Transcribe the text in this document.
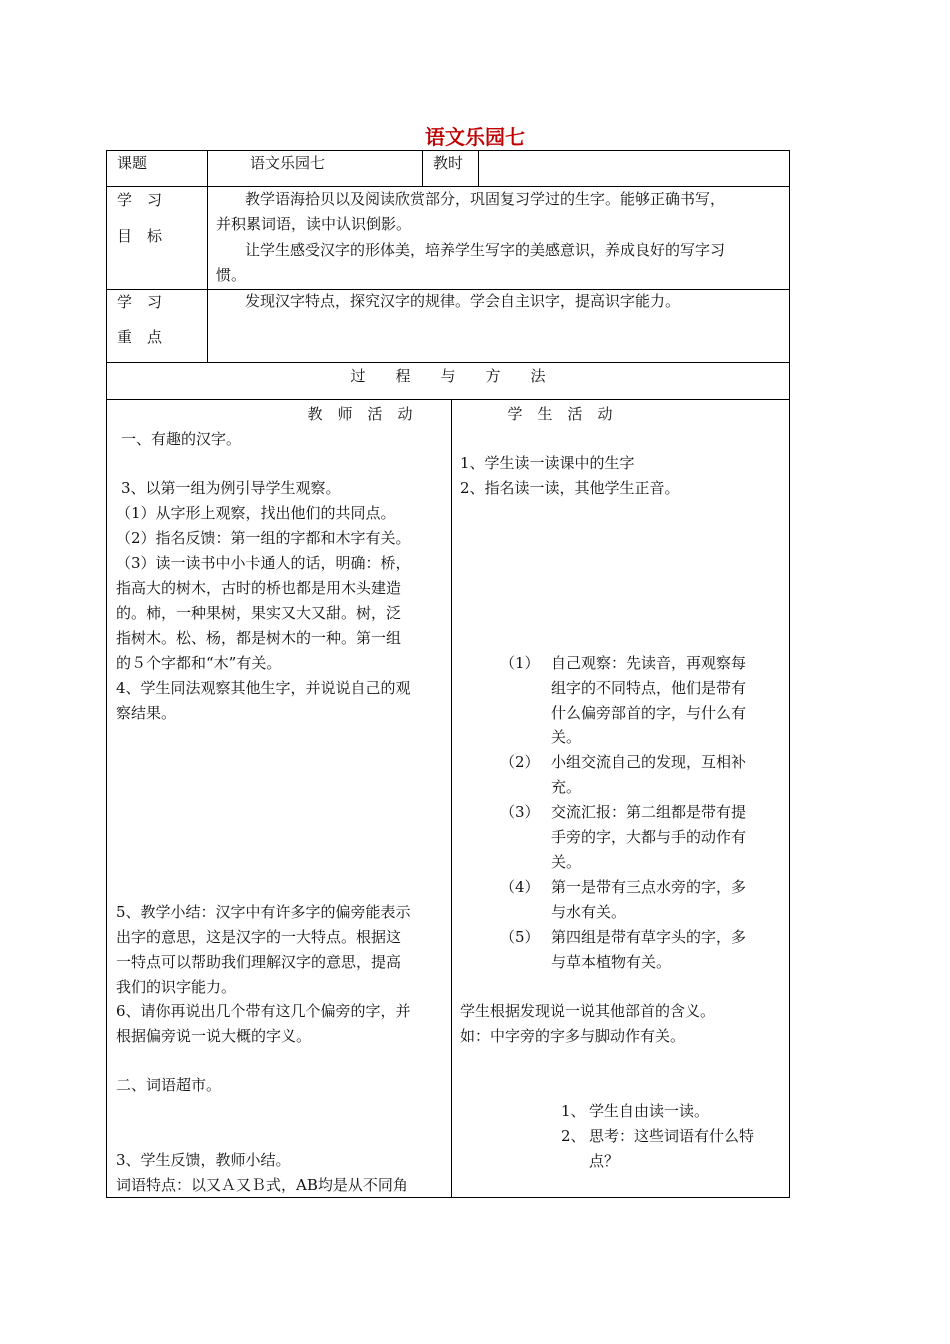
语文乐园七
课题	语文乐园七	教时
学　习
目　标
教学语海拾贝以及阅读欣赏部分，巩固复习学过的生字。能够正确书写，
并积累词语，读中认识倒影。
让学生感受汉字的形体美，培养学生写字的美感意识，养成良好的写字习
惯。
学　习
重　点
发现汉字特点，探究汉字的规律。学会自主识字，提高识字能力。
过　　程　　与　　方　　法
教　师　活　动
一、有趣的汉字。
3、以第一组为例引导学生观察。
（1）从字形上观察，找出他们的共同点。
（2）指名反馈：第一组的字都和木字有关。
（3）读一读书中小卡通人的话，明确：桥，
指高大的树木，古时的桥也都是用木头建造
的。柿，一种果树，果实又大又甜。树，泛
指树木。松、杨，都是树木的一种。第一组
的５个字都和“木”有关。
4、学生同法观察其他生字，并说说自己的观
察结果。
5、教学小结：汉字中有许多字的偏旁能表示
出字的意思，这是汉字的一大特点。根据这
一特点可以帮助我们理解汉字的意思，提高
我们的识字能力。
6、请你再说出几个带有这几个偏旁的字，并
根据偏旁说一说大概的字义。
二、词语超市。
3、学生反馈，教师小结。
词语特点：以又Ａ又Ｂ式，AB均是从不同角
学　生　活　动
1、学生读一读课中的生字
2、指名读一读，其他学生正音。
（1） 自己观察：先读音，再观察每
组字的不同特点，他们是带有
什么偏旁部首的字，与什么有
关。
（2） 小组交流自己的发现，互相补
充。
（3） 交流汇报：第二组都是带有提
手旁的字，大都与手的动作有
关。
（4） 第一是带有三点水旁的字，多
与水有关。
（5） 第四组是带有草字头的字，多
与草本植物有关。
学生根据发现说一说其他部首的含义。
如：中字旁的字多与脚动作有关。
1、 学生自由读一读。
2、 思考：这些词语有什么特
点？
